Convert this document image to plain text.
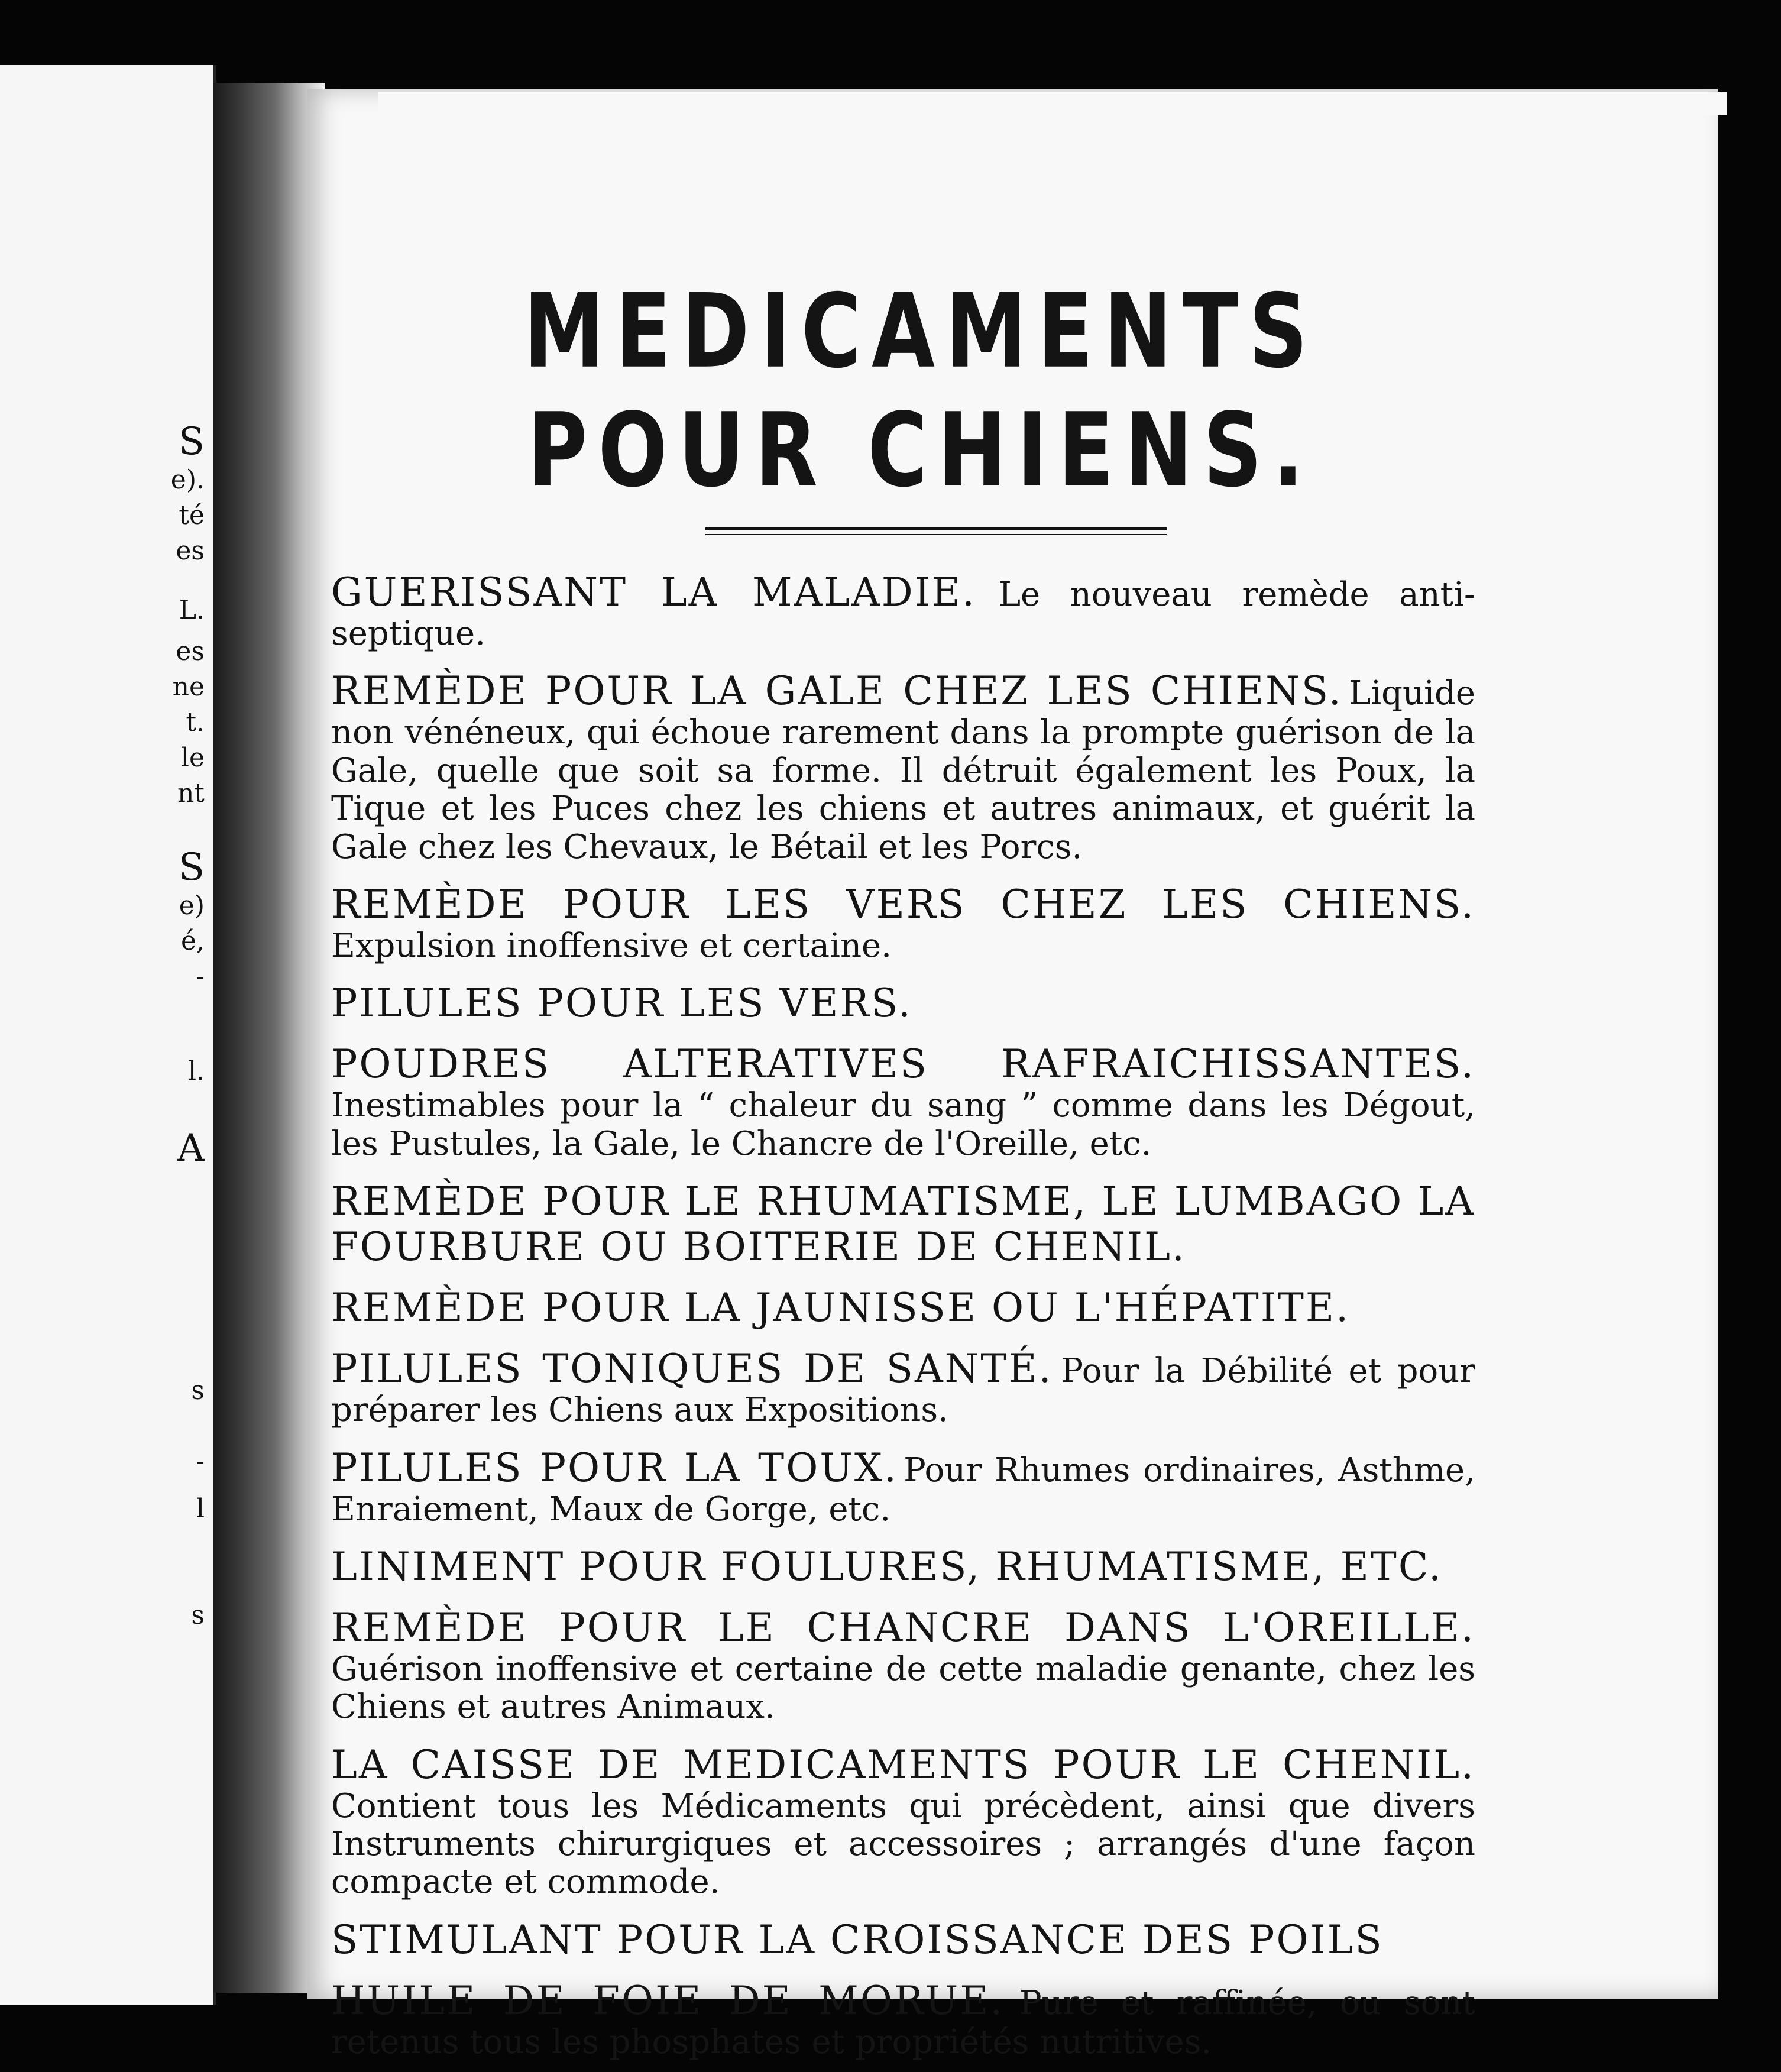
S
e).
té
es
L.
es
ne
t.
le
nt
S
e)
é,
-
l.
A
s
-
l
s
MEDICAMENTS POUR CHIENS.

GUERISSANT LA MALADIE. Le nouveau remède anti-septique.

REMÈDE POUR LA GALE CHEZ LES CHIENS. Liquide non vénéneux, qui échoue rarement dans la prompte guérison de la Gale, quelle que soit sa forme. Il détruit également les Poux, la Tique et les Puces chez les chiens et autres animaux, et guérit la Gale chez les Chevaux, le Bétail et les Porcs.

REMÈDE POUR LES VERS CHEZ LES CHIENS. Expulsion inoffensive et certaine.

PILULES POUR LES VERS.

POUDRES ALTERATIVES RAFRAICHISSANTES. Inestimables pour la “ chaleur du sang ” comme dans les Dégout, les Pustules, la Gale, le Chancre de l'Oreille, etc.

REMÈDE POUR LE RHUMATISME, LE LUMBAGO LA FOURBURE OU BOITERIE DE CHENIL.

REMÈDE POUR LA JAUNISSE OU L'HÉPATITE.

PILULES TONIQUES DE SANTÉ. Pour la Débilité et pour préparer les Chiens aux Expositions.

PILULES POUR LA TOUX. Pour Rhumes ordinaires, Asthme, Enraiement, Maux de Gorge, etc.

LINIMENT POUR FOULURES, RHUMATISME, ETC.

REMÈDE POUR LE CHANCRE DANS L'OREILLE. Guérison inoffensive et certaine de cette maladie genante, chez les Chiens et autres Animaux.

LA CAISSE DE MEDICAMENTS POUR LE CHENIL. Contient tous les Médicaments qui précèdent, ainsi que divers Instruments chirurgiques et accessoires ; arrangés d'une façon compacte et commode.

STIMULANT POUR LA CROISSANCE DES POILS

HUILE DE FOIE DE MORUE. Pure et raffinée, ou sont retenus tous les phosphates et propriétés nutritives.
